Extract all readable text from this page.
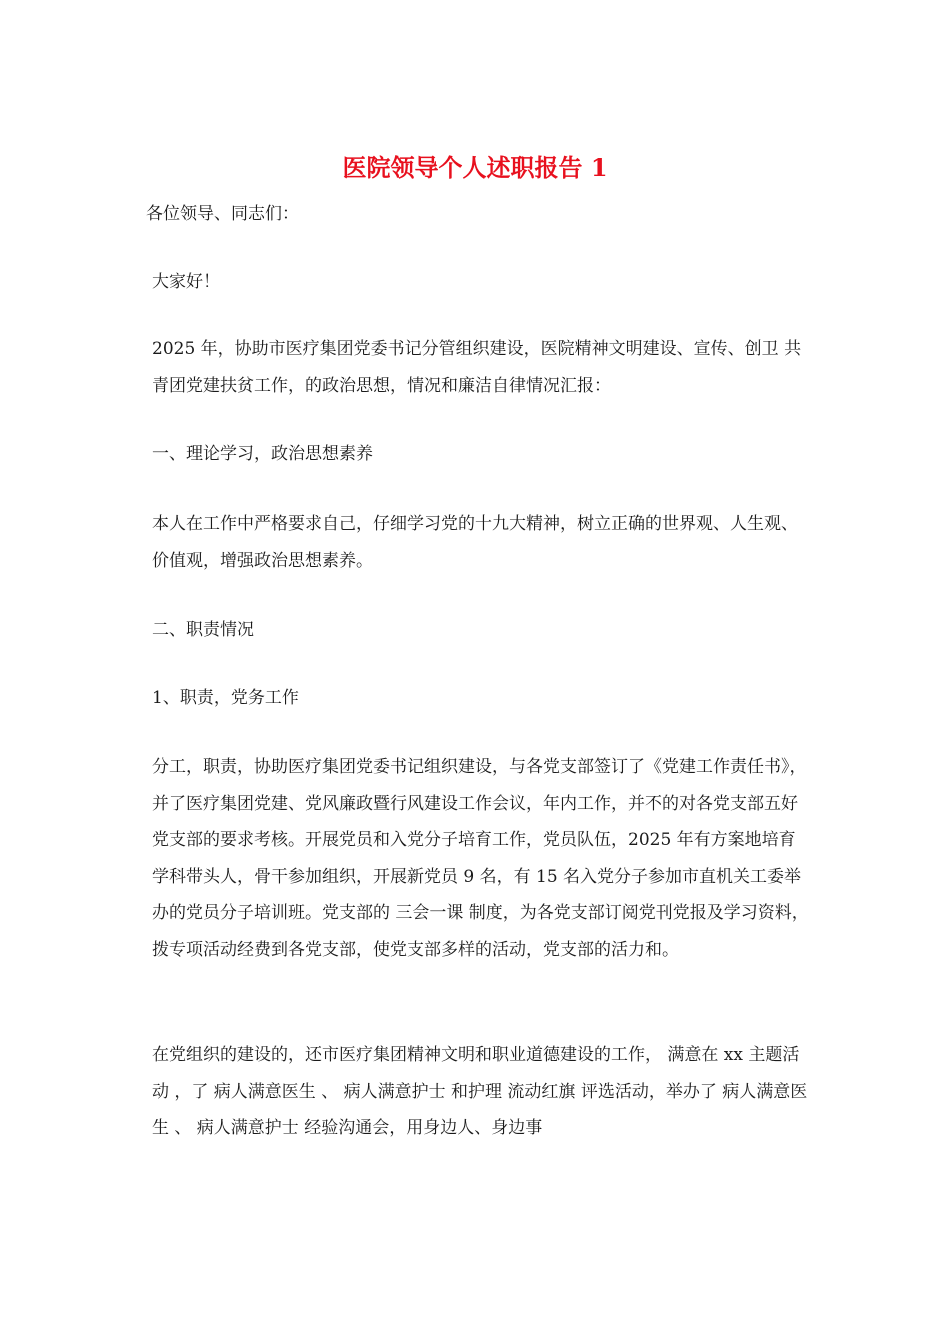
医院领导个人述职报告 1

各位领导、同志们：

大家好！

2025 年，协助市医疗集团党委书记分管组织建设，医院精神文明建设、宣传、创卫 共青团党建扶贫工作，的政治思想，情况和廉洁自律情况汇报：

一、理论学习，政治思想素养

本人在工作中严格要求自己，仔细学习党的十九大精神，树立正确的世界观、人生观、价值观，增强政治思想素养。

二、职责情况

1、职责，党务工作

分工，职责，协助医疗集团党委书记组织建设，与各党支部签订了《党建工作责任书》，并了医疗集团党建、党风廉政暨行风建设工作会议，年内工作，并不的对各党支部五好党支部的要求考核。开展党员和入党分子培育工作，党员队伍，2025 年有方案地培育学科带头人，骨干参加组织，开展新党员 9 名，有 15 名入党分子参加市直机关工委举办的党员分子培训班。党支部的 三会一课 制度，为各党支部订阅党刊党报及学习资料，拨专项活动经费到各党支部，使党支部多样的活动，党支部的活力和。

在党组织的建设的，还市医疗集团精神文明和职业道德建设的工作， 满意在 xx 主题活动 ，了 病人满意医生 、 病人满意护士 和护理 流动红旗 评选活动，举办了 病人满意医生 、 病人满意护士 经验沟通会，用身边人、身边事
